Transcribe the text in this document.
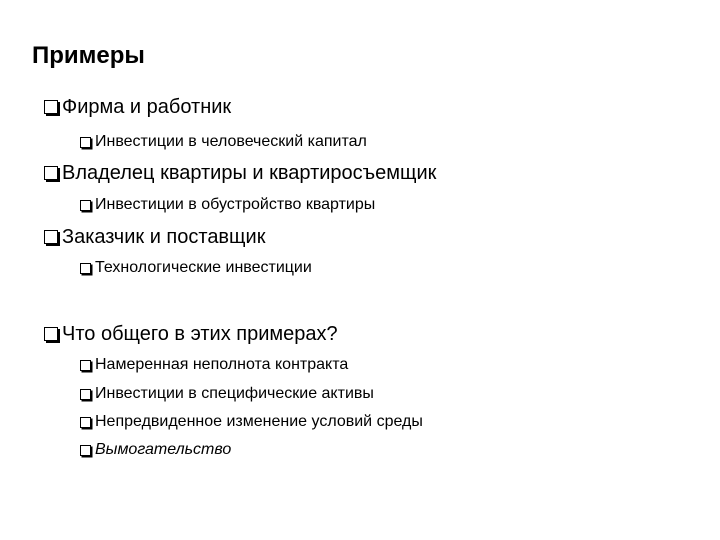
Примеры
Фирма и работник
Инвестиции в человеческий капитал
Владелец квартиры и квартиросъемщик
Инвестиции в обустройство квартиры
Заказчик и поставщик
Технологические инвестиции
Что общего в этих примерах?
Намеренная неполнота контракта
Инвестиции в специфические активы
Непредвиденное изменение условий среды
Вымогательство
